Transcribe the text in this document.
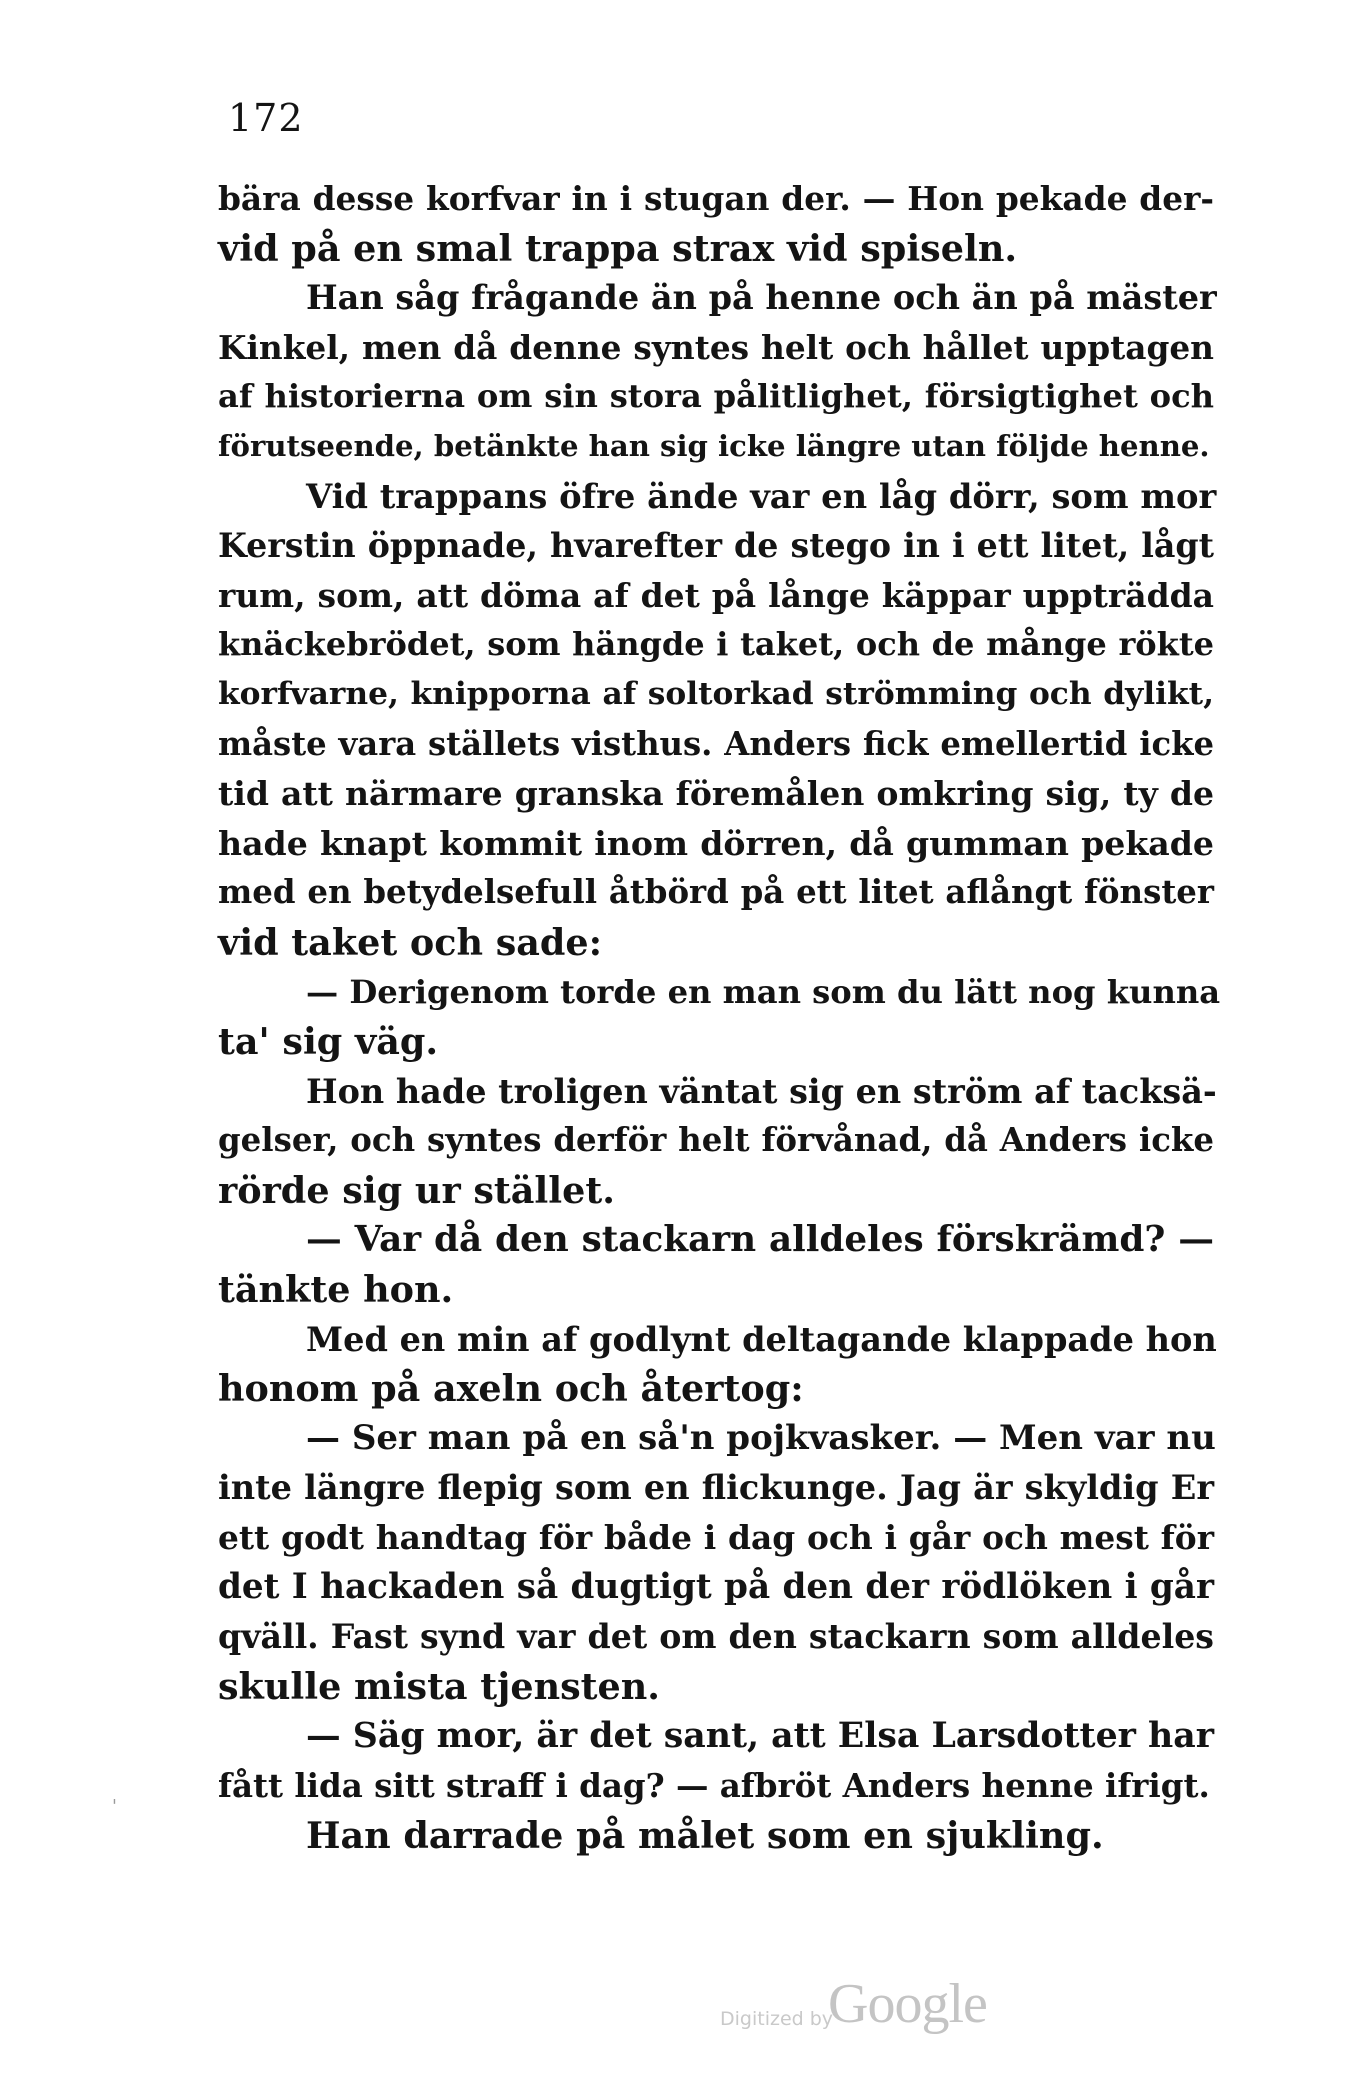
172
bära desse korfvar in i stugan der. — Hon pekade der-
vid på en smal trappa strax vid spiseln.
Han såg frågande än på henne och än på mäster
Kinkel, men då denne syntes helt och hållet upptagen
af historierna om sin stora pålitlighet, försigtighet och
förutseende, betänkte han sig icke längre utan följde henne.
Vid trappans öfre ände var en låg dörr, som mor
Kerstin öppnade, hvarefter de stego in i ett litet, lågt
rum, som, att döma af det på långe käppar uppträdda
knäckebrödet, som hängde i taket, och de månge rökte
korfvarne, knipporna af soltorkad strömming och dylikt,
måste vara ställets visthus. Anders fick emellertid icke
tid att närmare granska föremålen omkring sig, ty de
hade knapt kommit inom dörren, då gumman pekade
med en betydelsefull åtbörd på ett litet aflångt fönster
vid taket och sade:
— Derigenom torde en man som du lätt nog kunna
ta' sig väg.
Hon hade troligen väntat sig en ström af tacksä-
gelser, och syntes derför helt förvånad, då Anders icke
rörde sig ur stället.
— Var då den stackarn alldeles förskrämd? —
tänkte hon.
Med en min af godlynt deltagande klappade hon
honom på axeln och återtog:
— Ser man på en så'n pojkvasker. — Men var nu
inte längre flepig som en flickunge. Jag är skyldig Er
ett godt handtag för både i dag och i går och mest för
det I hackaden så dugtigt på den der rödlöken i går
qväll. Fast synd var det om den stackarn som alldeles
skulle mista tjensten.
— Säg mor, är det sant, att Elsa Larsdotter har
fått lida sitt straff i dag? — afbröt Anders henne ifrigt.
Han darrade på målet som en sjukling.
'
Digitized by
Google
